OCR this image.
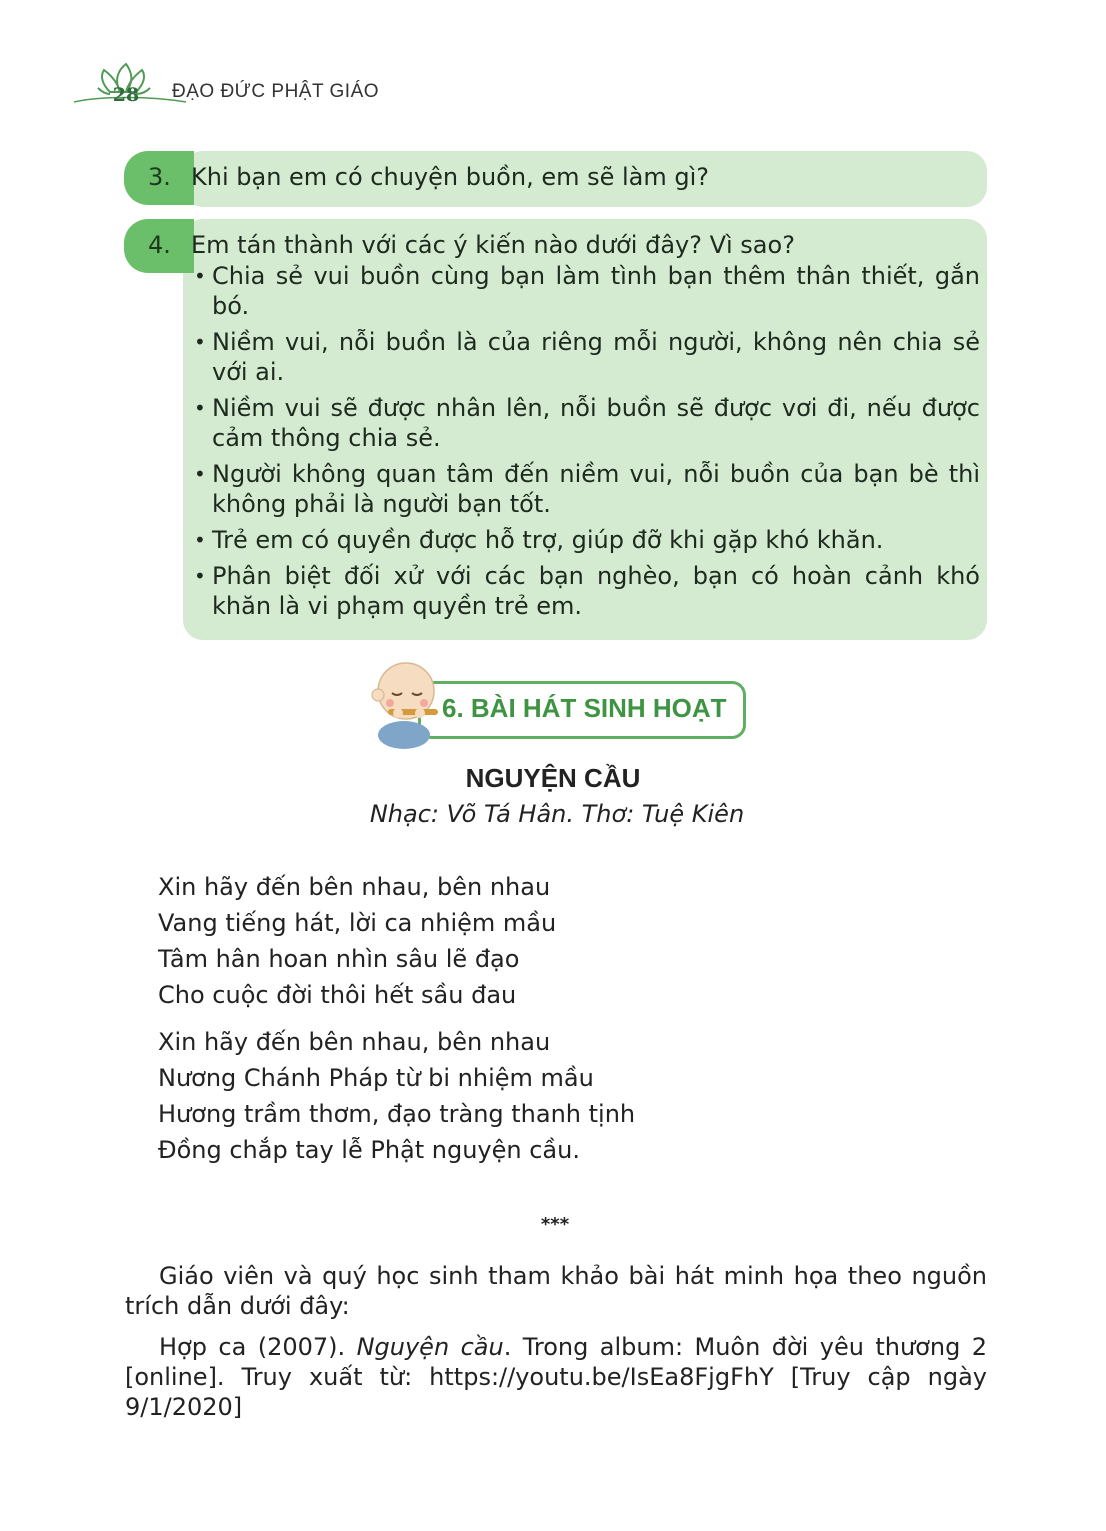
28 ĐẠO ĐỨC PHẬT GIÁO
3. Khi bạn em có chuyện buồn, em sẽ làm gì?
4. Em tán thành với các ý kiến nào dưới đây? Vì sao?
• Chia sẻ vui buồn cùng bạn làm tình bạn thêm thân thiết, gắn bó.
• Niềm vui, nỗi buồn là của riêng mỗi người, không nên chia sẻ với ai.
• Niềm vui sẽ được nhân lên, nỗi buồn sẽ được vơi đi, nếu được cảm thông chia sẻ.
• Người không quan tâm đến niềm vui, nỗi buồn của bạn bè thì không phải là người bạn tốt.
• Trẻ em có quyền được hỗ trợ, giúp đỡ khi gặp khó khăn.
• Phân biệt đối xử với các bạn nghèo, bạn có hoàn cảnh khó khăn là vi phạm quyền trẻ em.
6. BÀI HÁT SINH HOẠT
NGUYỆN CẦU
Nhạc: Võ Tá Hân. Thơ: Tuệ Kiên
Xin hãy đến bên nhau, bên nhau
Vang tiếng hát, lời ca nhiệm mầu
Tâm hân hoan nhìn sâu lẽ đạo
Cho cuộc đời thôi hết sầu đau
Xin hãy đến bên nhau, bên nhau
Nương Chánh Pháp từ bi nhiệm mầu
Hương trầm thơm, đạo tràng thanh tịnh
Đồng chắp tay lễ Phật nguyện cầu.
***

Giáo viên và quý học sinh tham khảo bài hát minh họa theo nguồn trích dẫn dưới đây:

Hợp ca (2007). Nguyện cầu. Trong album: Muôn đời yêu thương 2 [online]. Truy xuất từ: https://youtu.be/IsEa8FjgFhY [Truy cập ngày 9/1/2020]
